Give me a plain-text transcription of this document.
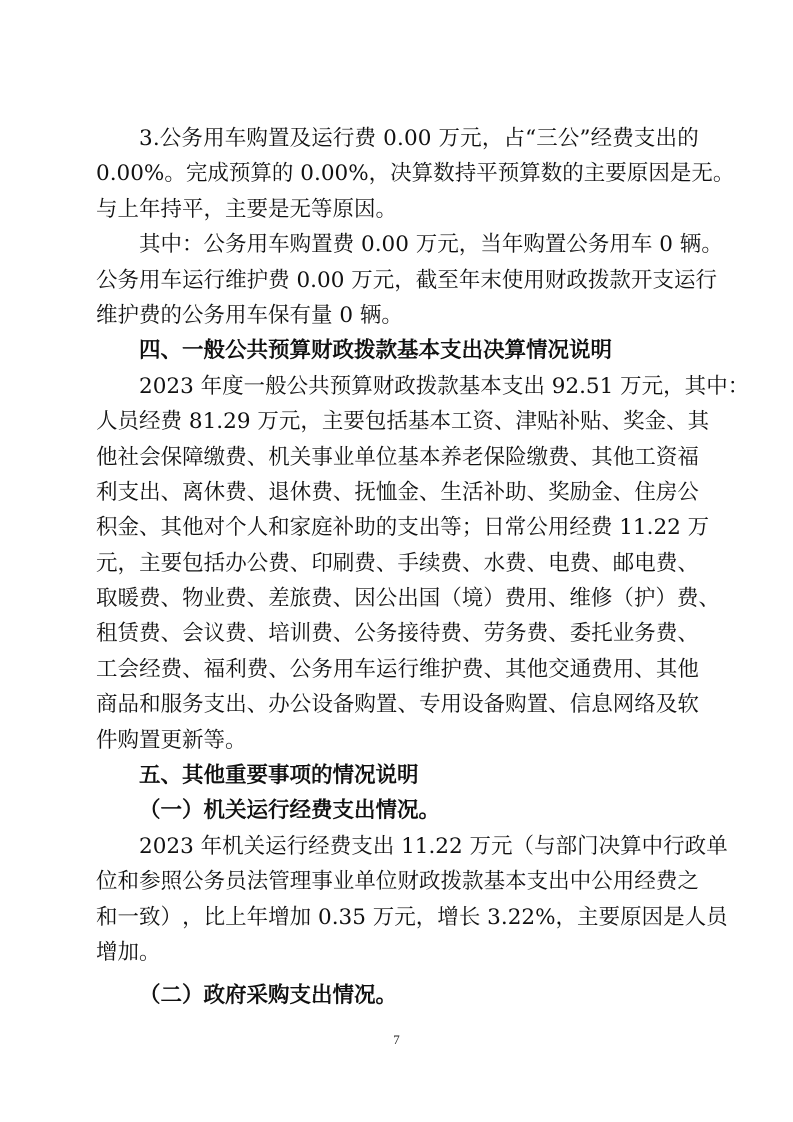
3 . 公 务 用 车 购 置 及 运 行 费
0 . 0 0
万 元 ， 占 “ 三 公 ” 经 费 支 出 的
0 . 0 0 % 。 完 成 预 算 的
0 . 0 0 % ， 决 算 数 持 平 预 算 数 的 主 要 原 因 是 无 。
与上年持平，主要是无等原因。
其 中 ： 公 务 用 车 购 置 费
0 . 0 0
万 元 ， 当 年 购 置 公 务 用 车
0
辆 。
公 务 用 车 运 行 维 护 费
0 . 0 0
万 元 ， 截 至 年 末 使 用 财 政 拨 款 开 支 运 行
维护费的公务用车保有量 0 辆。
四、一般公共预算财政拨款基本支出决算情况说明
2 0 2 3
年 度 一 般 公 共 预 算 财 政 拨 款 基 本 支 出
9 2 . 5 1
万 元 ， 其 中 ：
人 员 经 费
8 1 . 2 9
万 元 ， 主 要 包 括 基 本 工 资 、 津 贴 补 贴 、 奖 金 、 其
他 社 会 保 障 缴 费 、 机 关 事 业 单 位 基 本 养 老 保 险 缴 费 、 其 他 工 资 福
利 支 出 、 离 休 费 、 退 休 费 、 抚 恤 金 、 生 活 补 助 、 奖 励 金 、 住 房 公
积 金 、 其 他 对 个 人 和 家 庭 补 助 的 支 出 等 ； 日 常 公 用 经 费
1 1 . 2 2
万
元 ， 主 要 包 括 办 公 费 、 印 刷 费 、 手 续 费 、 水 费 、 电 费 、 邮 电 费 、
取 暖 费 、 物 业 费 、 差 旅 费 、 因 公 出 国 （ 境 ） 费 用 、 维 修 （ 护 ） 费 、
租 赁 费 、 会 议 费 、 培 训 费 、 公 务 接 待 费 、 劳 务 费 、 委 托 业 务 费 、
工 会 经 费 、 福 利 费 、 公 务 用 车 运 行 维 护 费 、 其 他 交 通 费 用 、 其 他
商 品 和 服 务 支 出 、 办 公 设 备 购 置 、 专 用 设 备 购 置 、 信 息 网 络 及 软
件购置更新等。
五、其他重要事项的情况说明
（一）机关运行经费支出情况。
2 0 2 3
年 机 关 运 行 经 费 支 出
1 1 . 2 2
万 元 （ 与 部 门 决 算 中 行 政 单
位 和 参 照 公 务 员 法 管 理 事 业 单 位 财 政 拨 款 基 本 支 出 中 公 用 经 费 之
和 一 致 ） ， 比 上 年 增 加
0 . 3 5
万 元 ， 增 长
3 . 2 2 % ， 主 要 原 因 是 人 员
增加。
（二）政府采购支出情况。
7
